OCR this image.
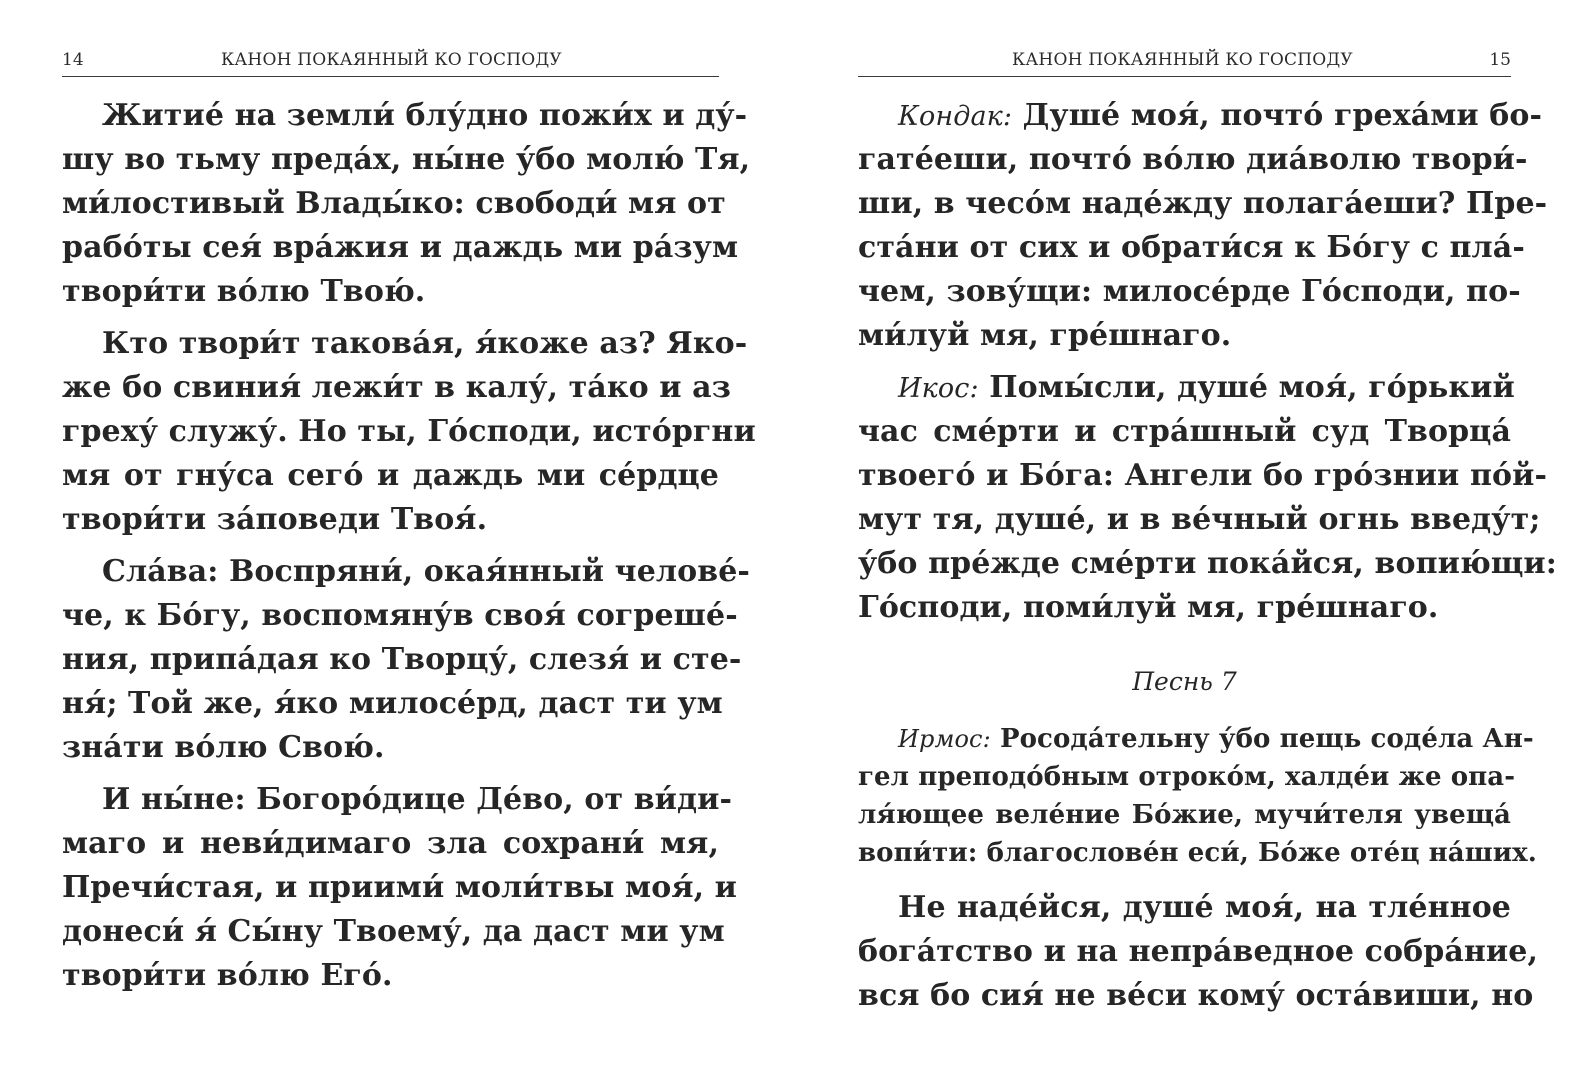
14	КАНОН ПОКАЯННЫЙ КО ГОСПОДУ
Житие́ на земли́ блу́дно пожи́х и ду́-
шу во тьму преда́х, ны́не у́бо молю́ Тя,
ми́лостивый Влады́ко: свободи́ мя от
рабо́ты сея́ вра́жия и даждь ми ра́зум
твори́ти во́лю Твою́.
Кто твори́т такова́я, я́коже аз? Яко-
же бо свиния́ лежи́т в калу́, та́ко и аз
греху́ служу́. Но ты, Го́споди, исто́ргни
мя от гну́са сего́ и даждь ми се́рдце
твори́ти за́поведи Твоя́.
Сла́ва: Воспряни́, окая́нный челове́-
че, к Бо́гу, воспомяну́в своя́ согреше́-
ния, припа́дая ко Творцу́, слезя́ и сте-
ня́; Той же, я́ко милосе́рд, даст ти ум
зна́ти во́лю Свою́.
И ны́не: Богоро́дице Де́во, от ви́ди-
маго и неви́димаго зла сохрани́ мя,
Пречи́стая, и приими́ моли́твы моя́, и
донеси́ я́ Сы́ну Твоему́, да даст ми ум
твори́ти во́лю Его́.
КАНОН ПОКАЯННЫЙ КО ГОСПОДУ	15
Кондак: Душе́ моя́, почто́ греха́ми бо-
гате́еши, почто́ во́лю диа́волю твори́-
ши, в чесо́м наде́жду полага́еши? Пре-
ста́ни от сих и обрати́ся к Бо́гу с пла́-
чем, зову́щи: милосе́рде Го́споди, по-
ми́луй мя, гре́шнаго.
Икос: Помы́сли, душе́ моя́, го́рький
час сме́рти и стра́шный суд Творца́
твоего́ и Бо́га: Ангели бо гро́знии по́й-
мут тя, душе́, и в ве́чный огнь введу́т;
у́бо пре́жде сме́рти пока́йся, вопию́щи:
Го́споди, поми́луй мя, гре́шнаго.
Песнь 7
Ирмос: Росода́тельну у́бо пещь соде́ла Ан-
гел преподо́бным отроко́м, халде́и же опа-
ля́ющее веле́ние Бо́жие, мучи́теля увеща́
вопи́ти: благослове́н еси́, Бо́же оте́ц на́ших.
Не наде́йся, душе́ моя́, на тле́нное
бога́тство и на непра́ведное собра́ние,
вся бо сия́ не ве́си кому́ оста́виши, но
